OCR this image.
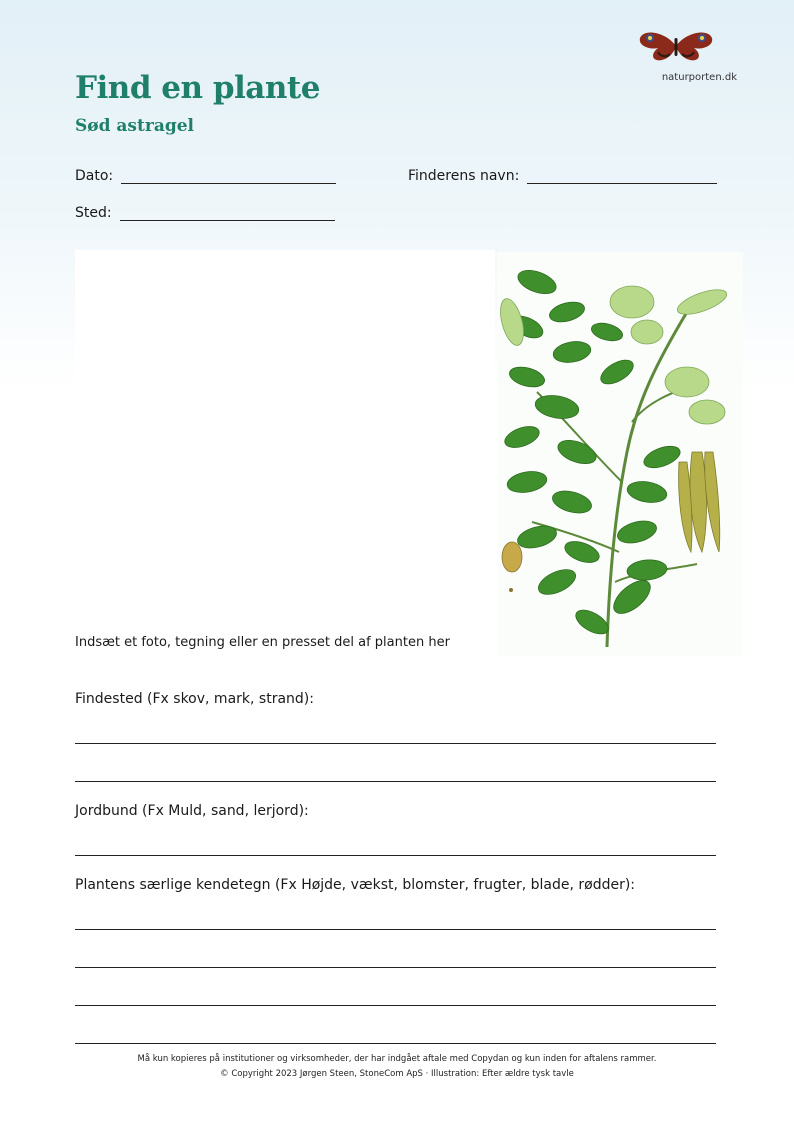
Find en plante
Sød astragel
naturporten.dk
Dato:	Finderens navn:
Sted:
Indsæt et foto, tegning eller en presset del af planten her
Findested (Fx skov, mark, strand):
Jordbund (Fx Muld, sand, lerjord):
Plantens særlige kendetegn (Fx Højde, vækst, blomster, frugter, blade, rødder):
Må kun kopieres på institutioner og virksomheder, der har indgået aftale med Copydan og kun inden for aftalens rammer.
© Copyright 2023 Jørgen Steen, StoneCom ApS · Illustration: Efter ældre tysk tavle
